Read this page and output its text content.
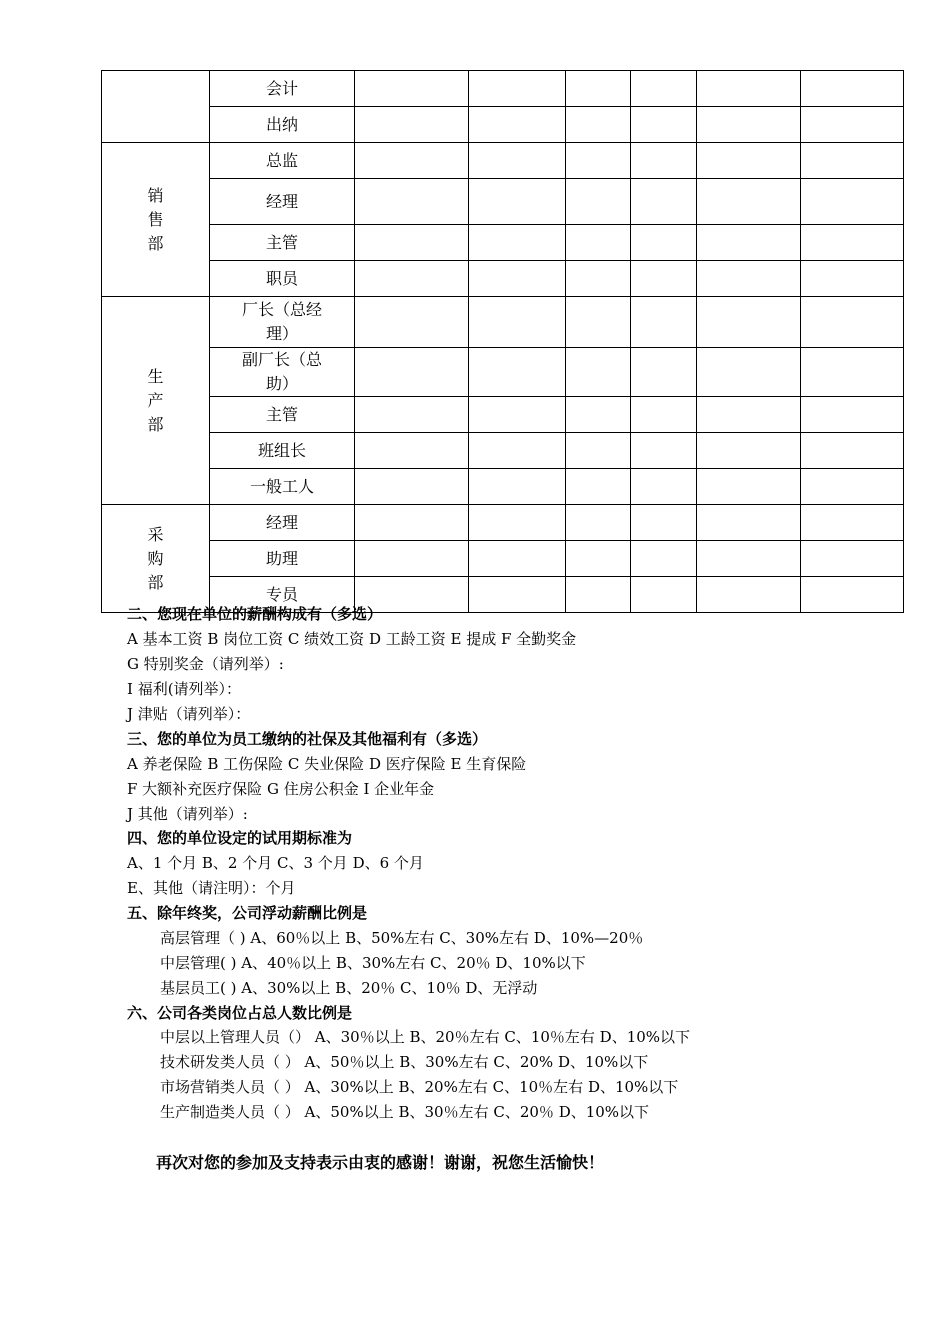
	会计						
	出纳						

销
售
部	总监						
	经理						
	主管						
	职员						

生
产
部	厂长（总经理）						
	副厂长（总助）						
	主管						
	班组长						
	一般工人						

采
购
部	经理						
	助理						
	专员						
二、您现在单位的薪酬构成有（多选）
A 基本工资 B 岗位工资 C 绩效工资 D 工龄工资 E 提成 F 全勤奖金
G 特别奖金（请列举）:
I 福利(请列举）：
J 津贴（请列举）：
三、您的单位为员工缴纳的社保及其他福利有（多选）
A 养老保险 B 工伤保险 C 失业保险 D 医疗保险 E 生育保险
F 大额补充医疗保险 G 住房公积金 I 企业年金
J 其他（请列举）:
四、您的单位设定的试用期标准为
A、1 个月 B、2 个月 C、3 个月 D、6 个月
E、其他（请注明）：个月
五、除年终奖，公司浮动薪酬比例是
高层管理（ ) A、60％以上 B、50%左右 C、30%左右 D、10%—20％
中层管理( ) A、40％以上 B、30%左右 C、20％ D、10%以下
基层员工( ) A、30%以上 B、20％ C、10％ D、无浮动
六、公司各类岗位占总人数比例是
中层以上管理人员（） A、30％以上 B、20％左右 C、10％左右 D、10%以下
技术研发类人员（ ） A、50％以上 B、30%左右 C、20% D、10%以下
市场营销类人员（ ） A、30%以上 B、20%左右 C、10％左右 D、10%以下
生产制造类人员（ ） A、50%以上 B、30％左右 C、20％ D、10%以下
再次对您的参加及支持表示由衷的感谢！谢谢，祝您生活愉快！
